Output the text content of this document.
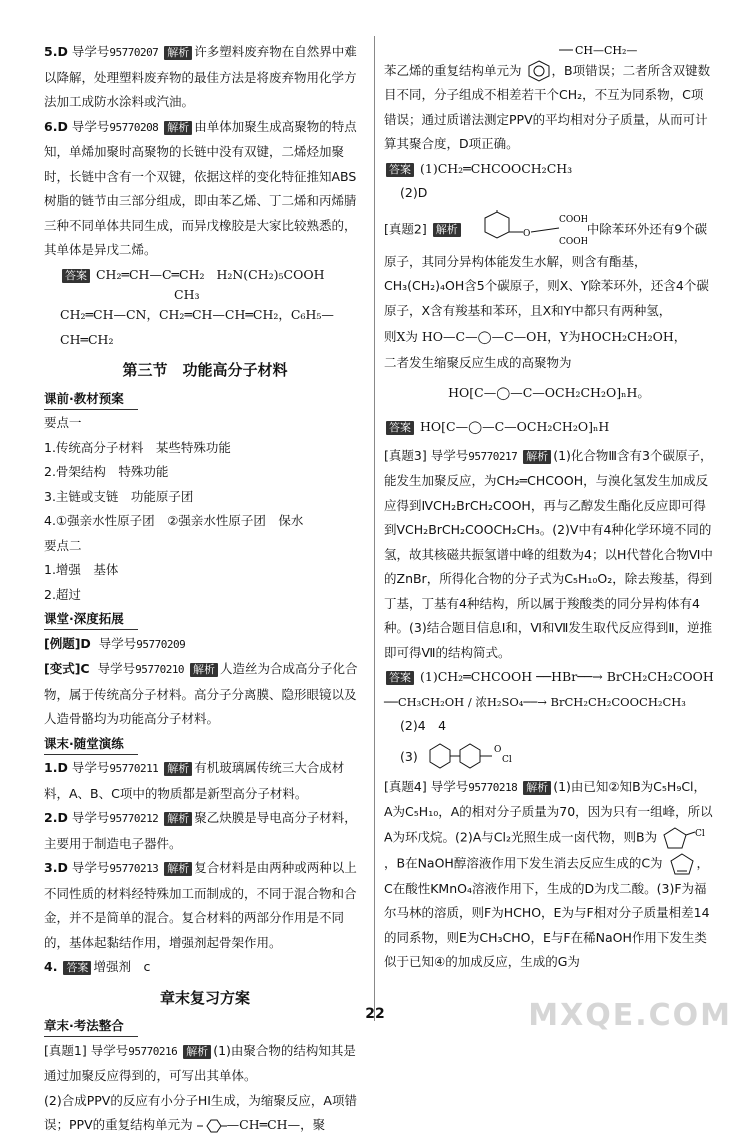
5.D 导学号95770207 解析 许多塑料废弃物在自然界中难以降解，处理塑料废弃物的最佳方法是将废弃物用化学方法加工成防水涂料或汽油。

6.D 导学号95770208 解析 由单体加聚生成高聚物的特点知，单烯加聚时高聚物的长链中没有双键，二烯烃加聚时，长链中含有一个双键，依据这样的变化特征推知ABS树脂的链节由三部分组成，即由苯乙烯、丁二烯和丙烯腈三种不同单体共同生成，而异戊橡胶是大家比较熟悉的，其单体是异戊二烯。

答案 CH₂═CH—C═CH₂ H₂N(CH₂)₅COOH

CH₃

CH₂═CH—CN，CH₂═CH—CH═CH₂，C₆H₅—CH═CH₂

第三节　功能高分子材料

课前·教材预案

要点一

1.传统高分子材料　某些特殊功能

2.骨架结构　特殊功能

3.主链或支链　功能原子团

4.①强亲水性原子团　②强亲水性原子团　保水

要点二

1.增强　基体

2.超过

课堂·深度拓展

[例题]D 导学号95770209

[变式]C 导学号95770210 解析 人造丝为合成高分子化合物，属于传统高分子材料。高分子分离膜、隐形眼镜以及人造骨骼均为功能高分子材料。

课末·随堂演练

1.D 导学号95770211 解析 有机玻璃属传统三大合成材料，A、B、C项中的物质都是新型高分子材料。

2.D 导学号95770212 解析 聚乙炔膜是导电高分子材料，主要用于制造电子器件。

3.D 导学号95770213 解析 复合材料是由两种或两种以上不同性质的材料经特殊加工而制成的，不同于混合物和合金，并不是简单的混合。复合材料的两部分作用是不同的，基体起黏结作用，增强剂起骨架作用。

4. 答案 增强剂　c

章末复习方案

章末·考法整合

[真题1] 导学号95770216 解析 (1)由聚合物的结构知其是通过加聚反应得到的，可写出其单体。

(2)合成PPV的反应有小分子HI生成，为缩聚反应，A项错误；PPV的重复结构单元为	—CH═CH—，聚

CH—CH₂—

苯乙烯的重复结构单元为 ，B项错误；二者所含双键数目不同，分子组成不相差若干个CH₂，不互为同系物，C项错误；通过质谱法测定PPV的平均相对分子质量，从而可计算其聚合度，D项正确。

答案 (1)CH₂═CHCOOCH₂CH₃

(2)D

[真题2] 解析	O
COOH
COOH
中除苯环外还有9个碳原子，其同分异构体能发生水解，则含有酯基，CH₃(CH₂)₄OH含5个碳原子，则X、Y除苯环外，还含4个碳原子，X含有羧基和苯环，且X和Y中都只有两种氢，

则X为 HO—C—◯—C—OH，Y为HOCH₂CH₂OH，

二者发生缩聚反应生成的高聚物为

HO[C—◯—C—OCH₂CH₂O]ₙH。

答案 HO[C—◯—C—OCH₂CH₂O]ₙH

[真题3] 导学号95770217 解析 (1)化合物Ⅲ含有3个碳原子，能发生加聚反应，为CH₂═CHCOOH，与溴化氢发生加成反应得到ⅣCH₂BrCH₂COOH，再与乙醇发生酯化反应即可得到ⅤCH₂BrCH₂COOCH₂CH₃。(2)Ⅴ中有4种化学环境不同的氢，故其核磁共振氢谱中峰的组数为4；以H代替化合物Ⅵ中的ZnBr，所得化合物的分子式为C₅H₁₀O₂，除去羧基，得到丁基，丁基有4种结构，所以属于羧酸类的同分异构体有4种。(3)结合题目信息Ⅰ和，Ⅵ和Ⅶ发生取代反应得到Ⅱ，逆推即可得Ⅶ的结构简式。

答案 (1)CH₂═CHCOOH ──HBr──→ BrCH₂CH₂COOH

──CH₃CH₂OH / 浓H₂SO₄──→ BrCH₂CH₂COOCH₂CH₃

(2)4　4

(3)	O
Cl

[真题4] 导学号95770218 解析 (1)由已知②知B为C₅H₉Cl，A为C₅H₁₀，A的相对分子质量为70，因为只有一组峰，所以A为环戊烷。(2)A与Cl₂光照生成一卤代物，则B为	Cl
，B在NaOH醇溶液作用下发生消去反应生成的C为	，C在酸性KMnO₄溶液作用下，生成的D为戊二酸。(3)F为福尔马林的溶质，则F为HCHO，E为与F相对分子质量相差14的同系物，则E为CH₃CHO，E与F在稀NaOH作用下发生类似于已知④的加成反应，生成的G为

22	MXQE.COM
